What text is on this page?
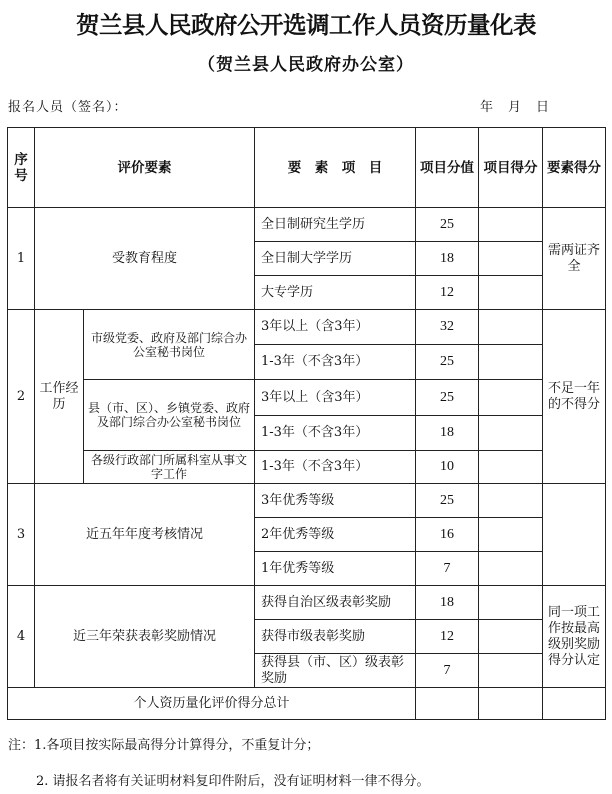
贺兰县人民政府公开选调工作人员资历量化表
（贺兰县人民政府办公室）
报名人员（签名）：	年　月　日
序号	评价要素		要　素　项　目	项目分值	项目得分	要素得分
1	受教育程度		全日制研究生学历	25		需两证齐全
			全日制大学学历	18		
			大专学历	12		
2	工作经历	市级党委、政府及部门综合办公室秘书岗位	3年以上（含3年）	32		不足一年的不得分
			1-3年（不含3年）	25		
		县（市、区）、乡镇党委、政府及部门综合办公室秘书岗位	3年以上（含3年）	25		
			1-3年（不含3年）	18		
		各级行政部门所属科室从事文字工作	1-3年（不含3年）	10		
3	近五年年度考核情况		3年优秀等级	25		
			2年优秀等级	16		
			1年优秀等级	7		
4	近三年荣获表彰奖励情况		获得自治区级表彰奖励	18		同一项工作按最高级别奖励得分认定
			获得市级表彰奖励	12		
			获得县（市、区）级表彰奖励	7		
个人资历量化评价得分总计						
注：1.各项目按实际最高得分计算得分，不重复计分；
2. 请报名者将有关证明材料复印件附后，没有证明材料一律不得分。
